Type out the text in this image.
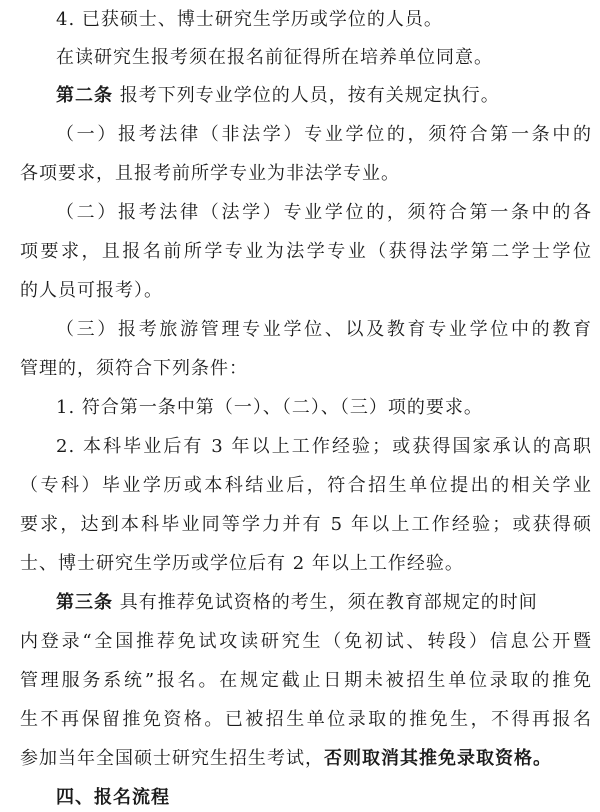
4. 已获硕士、博士研究生学历或学位的人员。
在读研究生报考须在报名前征得所在培养单位同意。
第二条 报考下列专业学位的人员，按有关规定执行。
（一）报考法律（非法学）专业学位的，须符合第一条中的
各项要求，且报考前所学专业为非法学专业。
（二）报考法律（法学）专业学位的，须符合第一条中的各
项要求，且报名前所学专业为法学专业（获得法学第二学士学位
的人员可报考）。
（三）报考旅游管理专业学位、以及教育专业学位中的教育
管理的，须符合下列条件：
1. 符合第一条中第（一）、（二）、（三）项的要求。
2. 本科毕业后有 3 年以上工作经验；或获得国家承认的高职
（专科）毕业学历或本科结业后，符合招生单位提出的相关学业
要求，达到本科毕业同等学力并有 5 年以上工作经验；或获得硕
士、博士研究生学历或学位后有 2 年以上工作经验。
第三条 具有推荐免试资格的考生，须在教育部规定的时间
内登录“全国推荐免试攻读研究生（免初试、转段）信息公开暨
管理服务系统”报名。在规定截止日期未被招生单位录取的推免
生不再保留推免资格。已被招生单位录取的推免生，不得再报名
参加当年全国硕士研究生招生考试，否则取消其推免录取资格。
四、报名流程
